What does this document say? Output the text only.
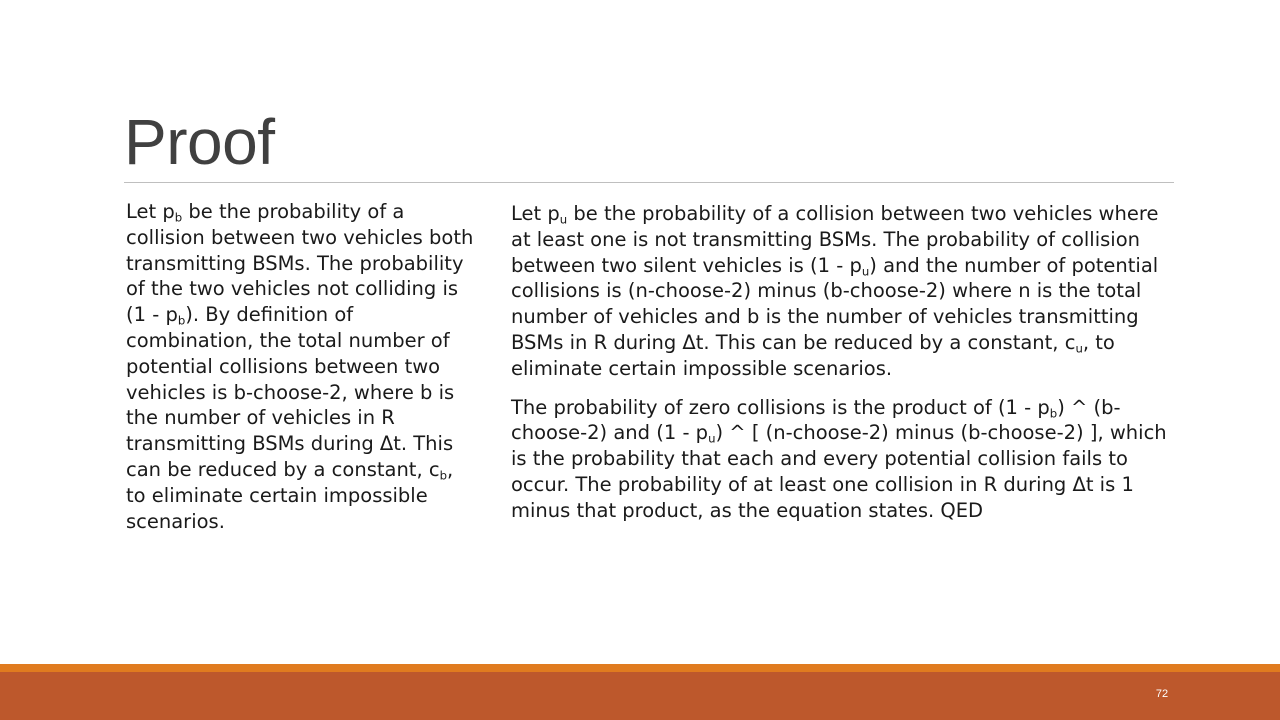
Proof

Let $p_b$ be the probability of a collision between two vehicles both transmitting BSMs. The probability of the two vehicles not colliding is $(1 - p_b)$. By definition of combination, the total number of potential collisions between two vehicles is b-choose-2, where b is the number of vehicles in R transmitting BSMs during Δt. This can be reduced by a constant, $c_b$, to eliminate certain impossible scenarios.

Let $p_u$ be the probability of a collision between two vehicles where at least one is not transmitting BSMs. The probability of collision between two silent vehicles is $(1 - p_u)$ and the number of potential collisions is (n-choose-2) minus (b-choose-2) where n is the total number of vehicles and b is the number of vehicles transmitting BSMs in R during Δt. This can be reduced by a constant, $c_u$, to eliminate certain impossible scenarios.

The probability of zero collisions is the product of $(1 - p_b)$ ^ (b-choose-2) and $(1 - p_u)$ ^ [ (n-choose-2) minus (b-choose-2) ], which is the probability that each and every potential collision fails to occur. The probability of at least one collision in R during Δt is 1 minus that product, as the equation states. QED

72
